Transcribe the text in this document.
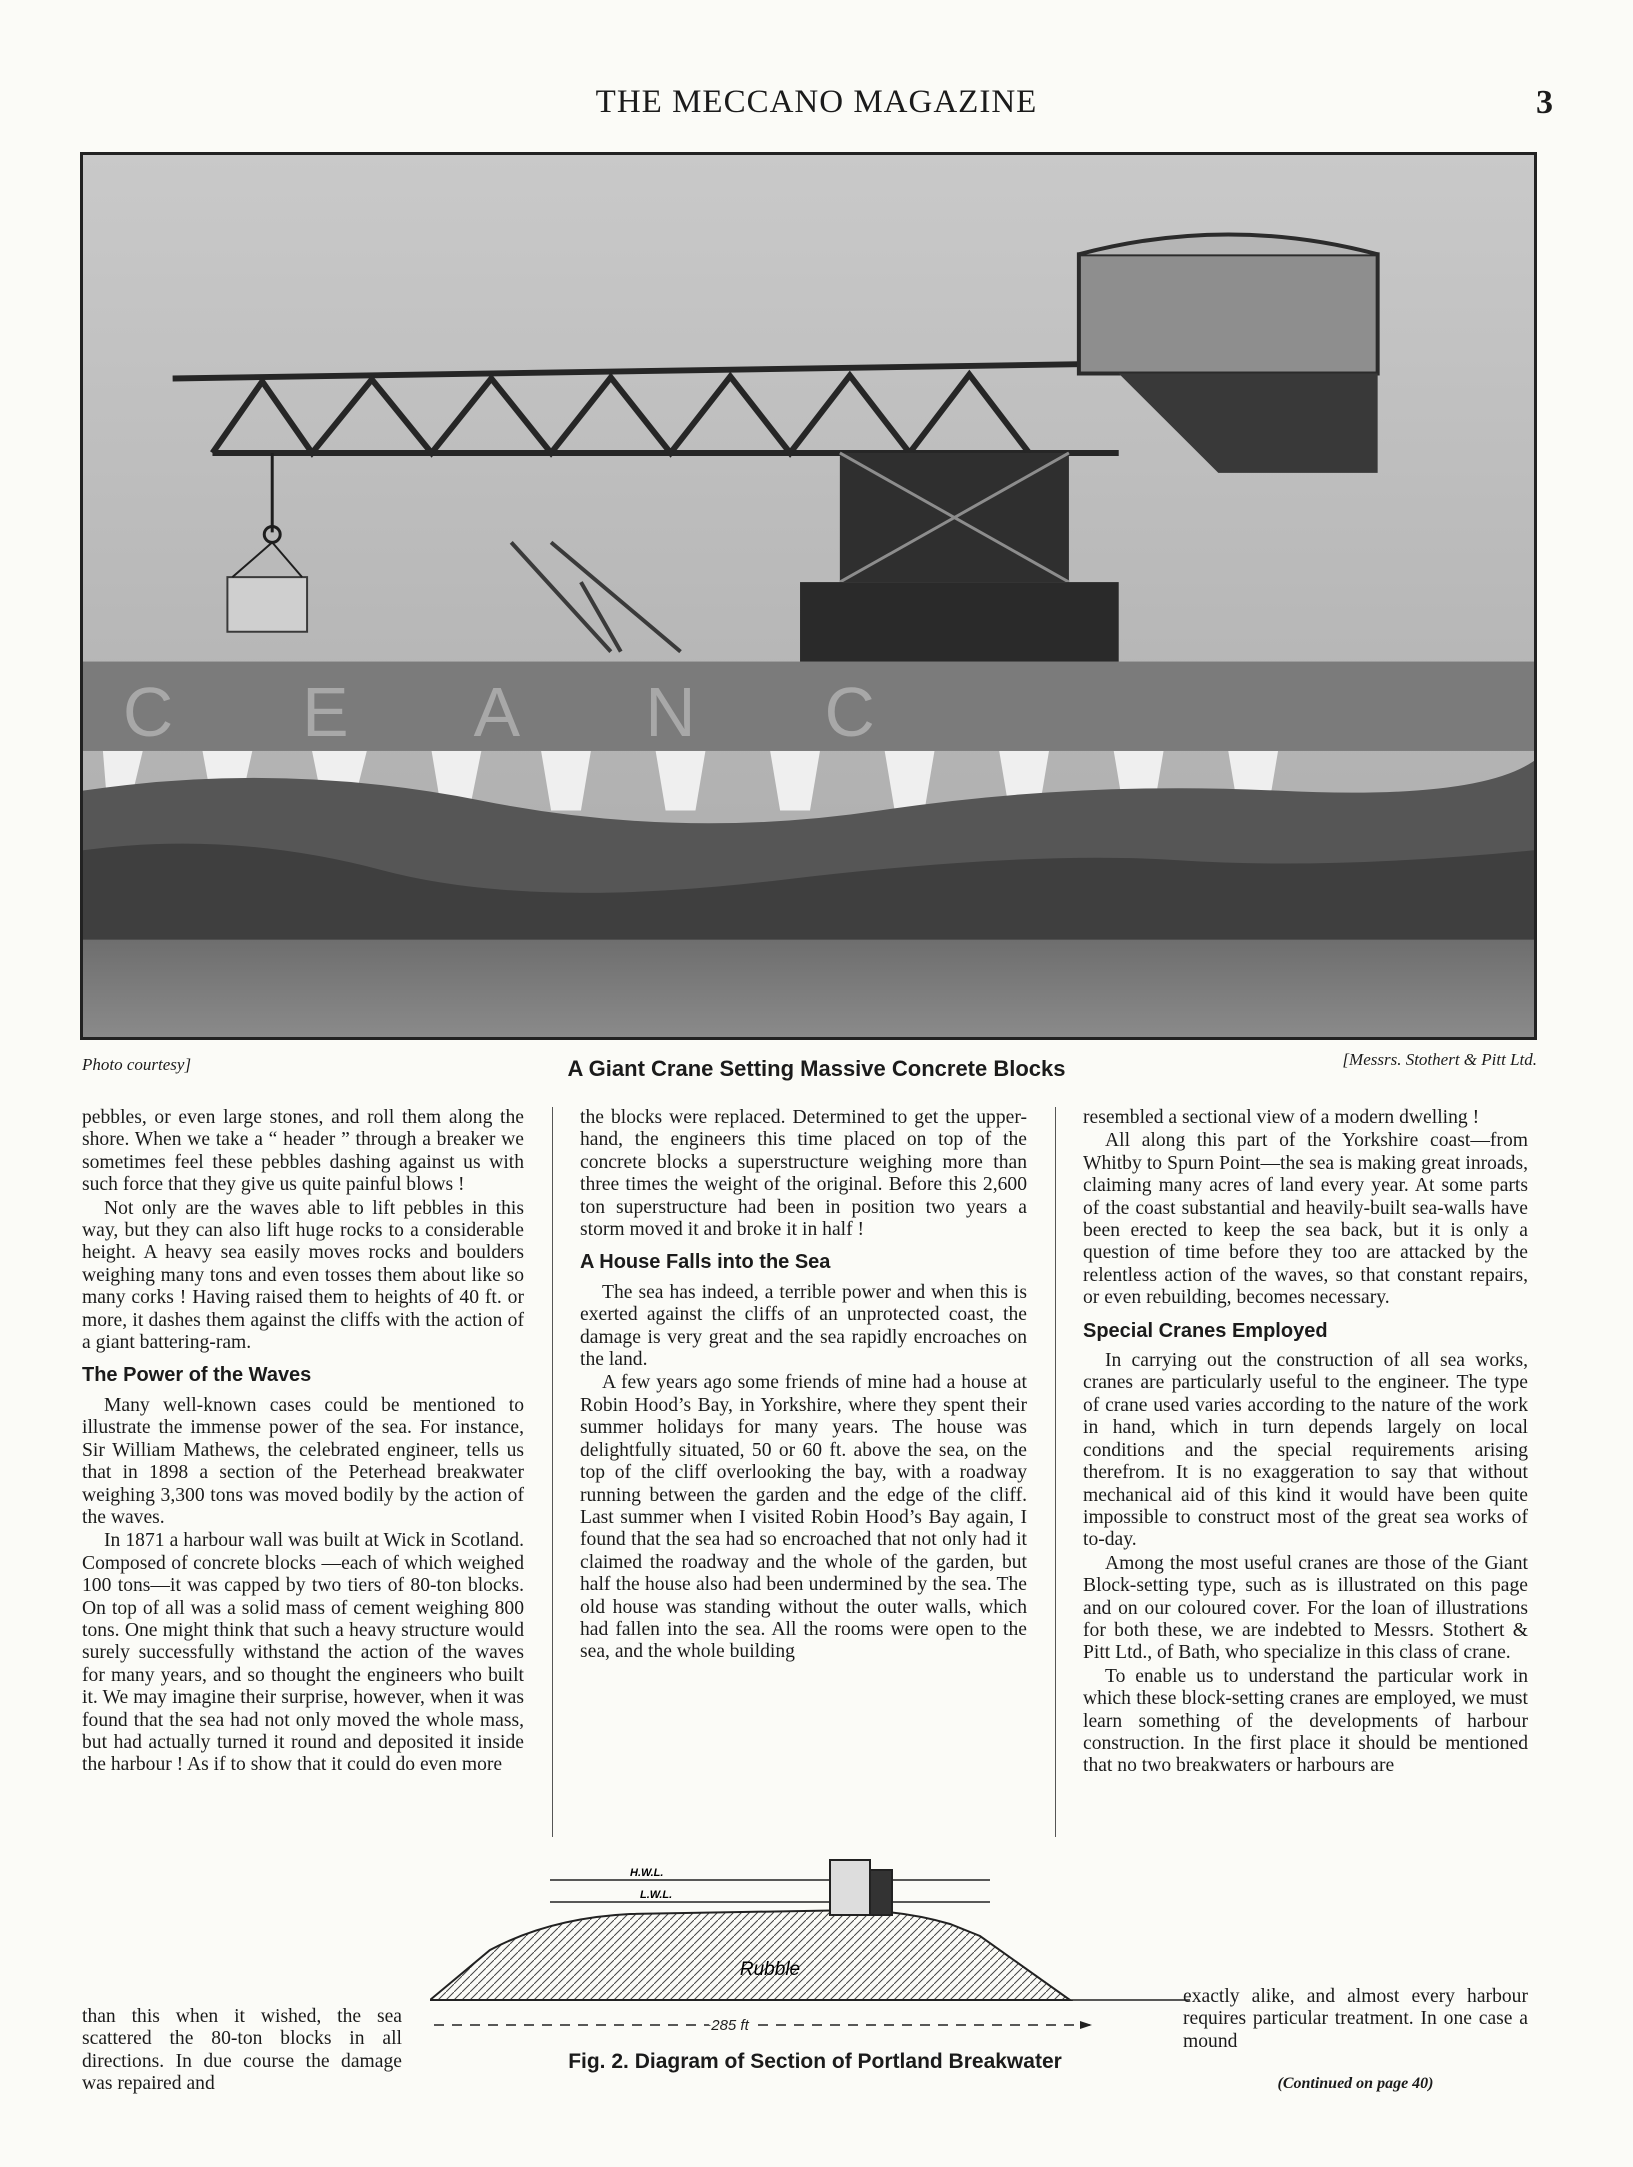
THE MECCANO MAGAZINE	3
C E A N C
Photo courtesy]	A Giant Crane Setting Massive Concrete Blocks	[Messrs. Stothert & Pitt Ltd.

pebbles, or even large stones, and roll them along the shore. When we take a “ header ” through a breaker we sometimes feel these pebbles dashing against us with such force that they give us quite painful blows !

Not only are the waves able to lift pebbles in this way, but they can also lift huge rocks to a considerable height. A heavy sea easily moves rocks and boulders weighing many tons and even tosses them about like so many corks ! Having raised them to heights of 40 ft. or more, it dashes them against the cliffs with the action of a giant battering-ram.

The Power of the Waves

Many well-known cases could be mentioned to illustrate the immense power of the sea. For instance, Sir William Mathews, the celebrated engineer, tells us that in 1898 a section of the Peterhead breakwater weighing 3,300 tons was moved bodily by the action of the waves.

In 1871 a harbour wall was built at Wick in Scotland. Composed of concrete blocks —each of which weighed 100 tons—it was capped by two tiers of 80-ton blocks. On top of all was a solid mass of cement weighing 800 tons. One might think that such a heavy structure would surely successfully withstand the action of the waves for many years, and so thought the engineers who built it. We may imagine their surprise, however, when it was found that the sea had not only moved the whole mass, but had actually turned it round and deposited it inside the harbour ! As if to show that it could do even more

than this when it wished, the sea scattered the 80-ton blocks in all directions. In due course the damage was repaired and

the blocks were replaced. Determined to get the upper-hand, the engineers this time placed on top of the concrete blocks a superstructure weighing more than three times the weight of the original. Before this 2,600 ton superstructure had been in position two years a storm moved it and broke it in half !

A House Falls into the Sea

The sea has indeed, a terrible power and when this is exerted against the cliffs of an unprotected coast, the damage is very great and the sea rapidly encroaches on the land.

A few years ago some friends of mine had a house at Robin Hood’s Bay, in Yorkshire, where they spent their summer holidays for many years. The house was delightfully situated, 50 or 60 ft. above the sea, on the top of the cliff overlooking the bay, with a roadway running between the garden and the edge of the cliff. Last summer when I visited Robin Hood’s Bay again, I found that the sea had so encroached that not only had it claimed the roadway and the whole of the garden, but half the house also had been undermined by the sea. The old house was standing without the outer walls, which had fallen into the sea. All the rooms were open to the sea, and the whole building

resembled a sectional view of a modern dwelling !

All along this part of the Yorkshire coast—from Whitby to Spurn Point—the sea is making great inroads, claiming many acres of land every year. At some parts of the coast substantial and heavily-built sea-walls have been erected to keep the sea back, but it is only a question of time before they too are attacked by the relentless action of the waves, so that constant repairs, or even rebuilding, becomes necessary.

Special Cranes Employed

In carrying out the construction of all sea works, cranes are particularly useful to the engineer. The type of crane used varies according to the nature of the work in hand, which in turn depends largely on local conditions and the special requirements arising therefrom. It is no exaggeration to say that without mechanical aid of this kind it would have been quite impossible to construct most of the great sea works of to-day.

Among the most useful cranes are those of the Giant Block-setting type, such as is illustrated on this page and on our coloured cover. For the loan of illustrations for both these, we are indebted to Messrs. Stothert & Pitt Ltd., of Bath, who specialize in this class of crane.

To enable us to understand the particular work in which these block-setting cranes are employed, we must learn something of the developments of harbour construction. In the first place it should be mentioned that no two breakwaters or harbours are

exactly alike, and almost every harbour requires particular treatment. In one case a mound
(Continued on page 40)
H.W.L.
L.W.L.
Rubble
285 ft
Fig. 2. Diagram of Section of Portland Breakwater
